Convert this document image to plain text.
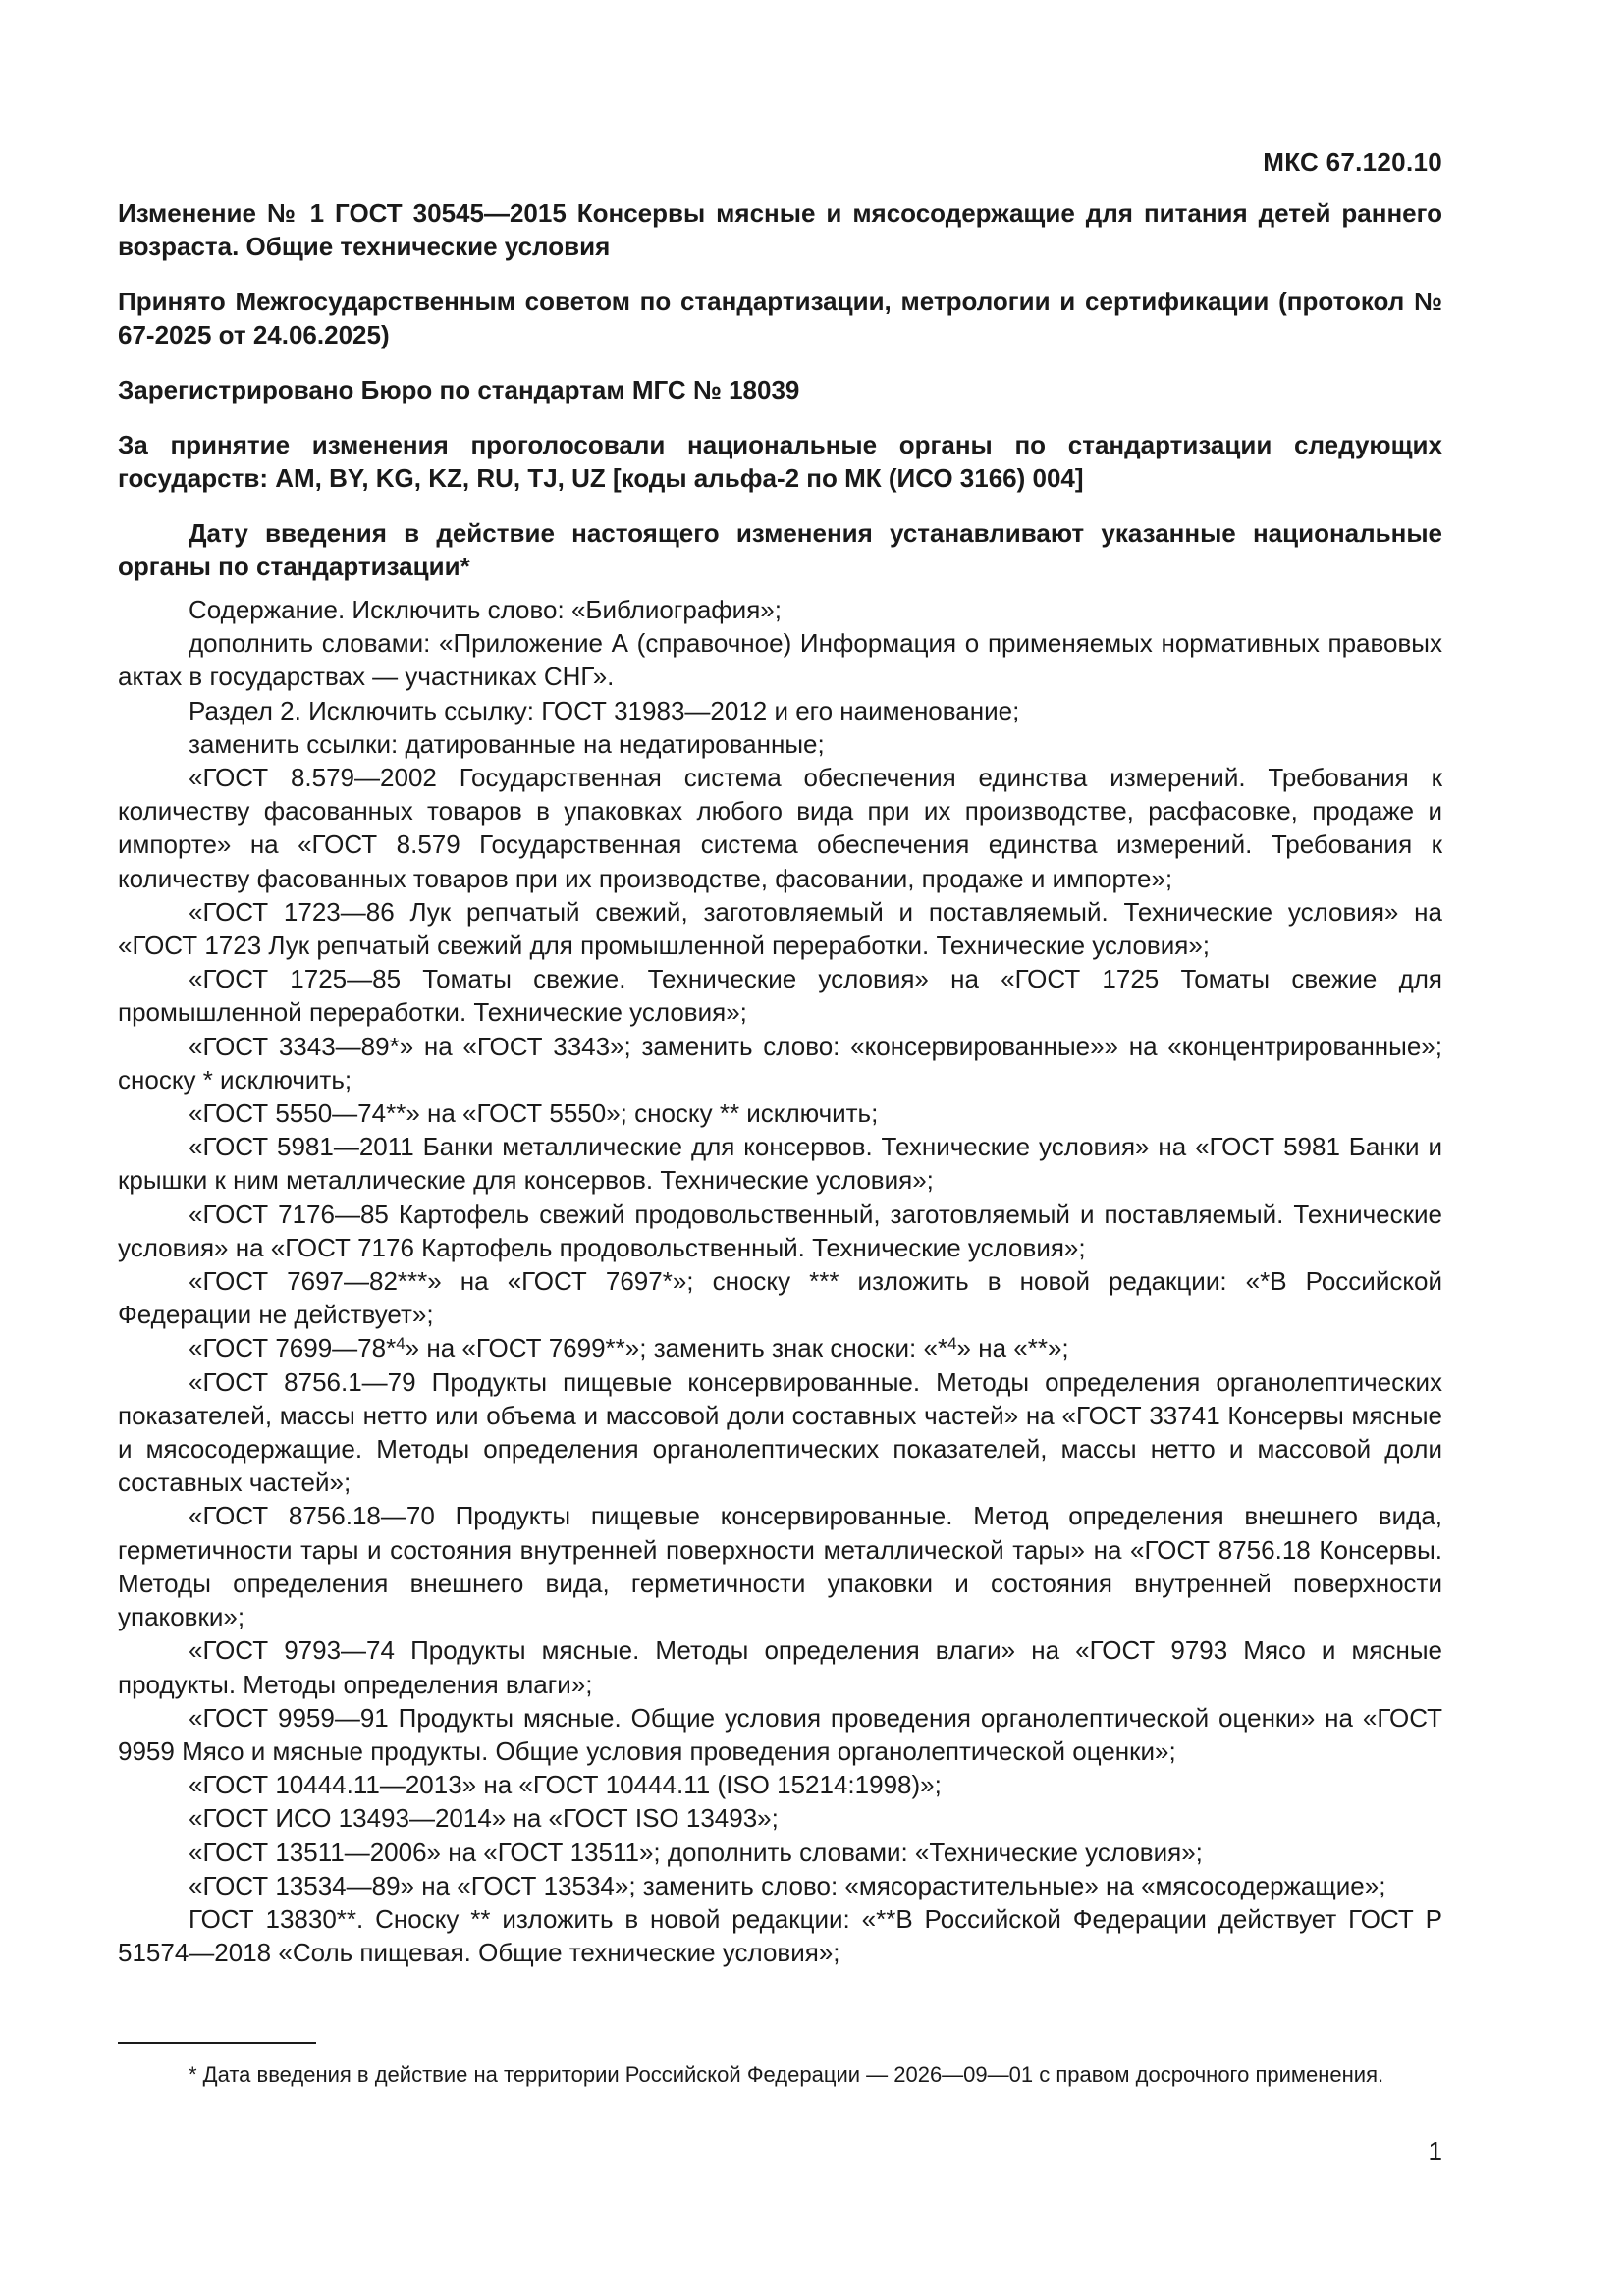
МКС 67.120.10

Изменение № 1 ГОСТ 30545—2015 Консервы мясные и мясосодержащие для питания детей раннего возраста. Общие технические условия

Принято Межгосударственным советом по стандартизации, метрологии и сертификации (протокол № 67-2025 от 24.06.2025)

Зарегистрировано Бюро по стандартам МГС № 18039

За принятие изменения проголосовали национальные органы по стандартизации следующих государств: AM, BY, KG, KZ, RU, TJ, UZ [коды альфа-2 по МК (ИСО 3166) 004]

Дату введения в действие настоящего изменения устанавливают указанные национальные органы по стандартизации*

Содержание. Исключить слово: «Библиография»;

дополнить словами: «Приложение А (справочное) Информация о применяемых нормативных правовых актах в государствах — участниках СНГ».

Раздел 2. Исключить ссылку: ГОСТ 31983—2012 и его наименование;

заменить ссылки: датированные на недатированные;

«ГОСТ 8.579—2002 Государственная система обеспечения единства измерений. Требования к количеству фасованных товаров в упаковках любого вида при их производстве, расфасовке, продаже и импорте» на «ГОСТ 8.579 Государственная система обеспечения единства измерений. Требования к количеству фасованных товаров при их производстве, фасовании, продаже и импорте»;

«ГОСТ 1723—86 Лук репчатый свежий, заготовляемый и поставляемый. Технические условия» на «ГОСТ 1723 Лук репчатый свежий для промышленной переработки. Технические условия»;

«ГОСТ 1725—85 Томаты свежие. Технические условия» на «ГОСТ 1725 Томаты свежие для промышленной переработки. Технические условия»;

«ГОСТ 3343—89*» на «ГОСТ 3343»; заменить слово: «консервированные»» на «концентрированные»; сноску * исключить;

«ГОСТ 5550—74**» на «ГОСТ 5550»; сноску ** исключить;

«ГОСТ 5981—2011 Банки металлические для консервов. Технические условия» на «ГОСТ 5981 Банки и крышки к ним металлические для консервов. Технические условия»;

«ГОСТ 7176—85 Картофель свежий продовольственный, заготовляемый и поставляемый. Технические условия» на «ГОСТ 7176 Картофель продовольственный. Технические условия»;

«ГОСТ 7697—82***» на «ГОСТ 7697*»; сноску *** изложить в новой редакции: «*В Российской Федерации не действует»;

«ГОСТ 7699—78*$^4$» на «ГОСТ 7699**»; заменить знак сноски: «*$^4$» на «**»;

«ГОСТ 8756.1—79 Продукты пищевые консервированные. Методы определения органолептических показателей, массы нетто или объема и массовой доли составных частей» на «ГОСТ 33741 Консервы мясные и мясосодержащие. Методы определения органолептических показателей, массы нетто и массовой доли составных частей»;

«ГОСТ 8756.18—70 Продукты пищевые консервированные. Метод определения внешнего вида, герметичности тары и состояния внутренней поверхности металлической тары» на «ГОСТ 8756.18 Консервы. Методы определения внешнего вида, герметичности упаковки и состояния внутренней поверхности упаковки»;

«ГОСТ 9793—74 Продукты мясные. Методы определения влаги» на «ГОСТ 9793 Мясо и мясные продукты. Методы определения влаги»;

«ГОСТ 9959—91 Продукты мясные. Общие условия проведения органолептической оценки» на «ГОСТ 9959 Мясо и мясные продукты. Общие условия проведения органолептической оценки»;

«ГОСТ 10444.11—2013» на «ГОСТ 10444.11 (ISO 15214:1998)»;

«ГОСТ ИСО 13493—2014» на «ГОСТ ISO 13493»;

«ГОСТ 13511—2006» на «ГОСТ 13511»; дополнить словами: «Технические условия»;

«ГОСТ 13534—89» на «ГОСТ 13534»; заменить слово: «мясорастительные» на «мясосодержащие»;

ГОСТ 13830**. Сноску ** изложить в новой редакции: «**В Российской Федерации действует ГОСТ Р 51574—2018 «Соль пищевая. Общие технические условия»;

* Дата введения в действие на территории Российской Федерации — 2026—09—01 с правом досрочного применения.
1
